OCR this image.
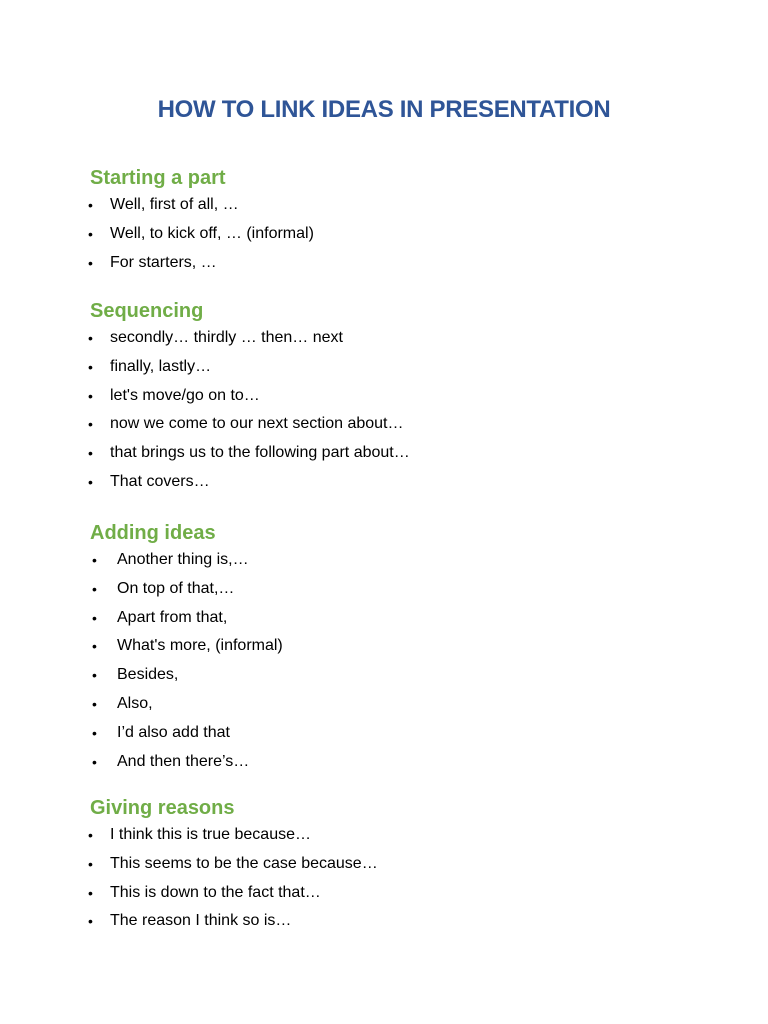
HOW TO LINK IDEAS IN PRESENTATION
Starting a part
• Well, first of all, …
• Well, to kick off, … (informal)
• For starters, …
Sequencing
• secondly… thirdly … then… next
• finally, lastly…
• let's move/go on to…
• now we come to our next section about…
• that brings us to the following part about…
• That covers…
Adding ideas
• Another thing is,…
• On top of that,…
• Apart from that,
• What's more, (informal)
• Besides,
• Also,
• I’d also add that
• And then there’s…
Giving reasons
• I think this is true because…
• This seems to be the case because…
• This is down to the fact that…
• The reason I think so is…
